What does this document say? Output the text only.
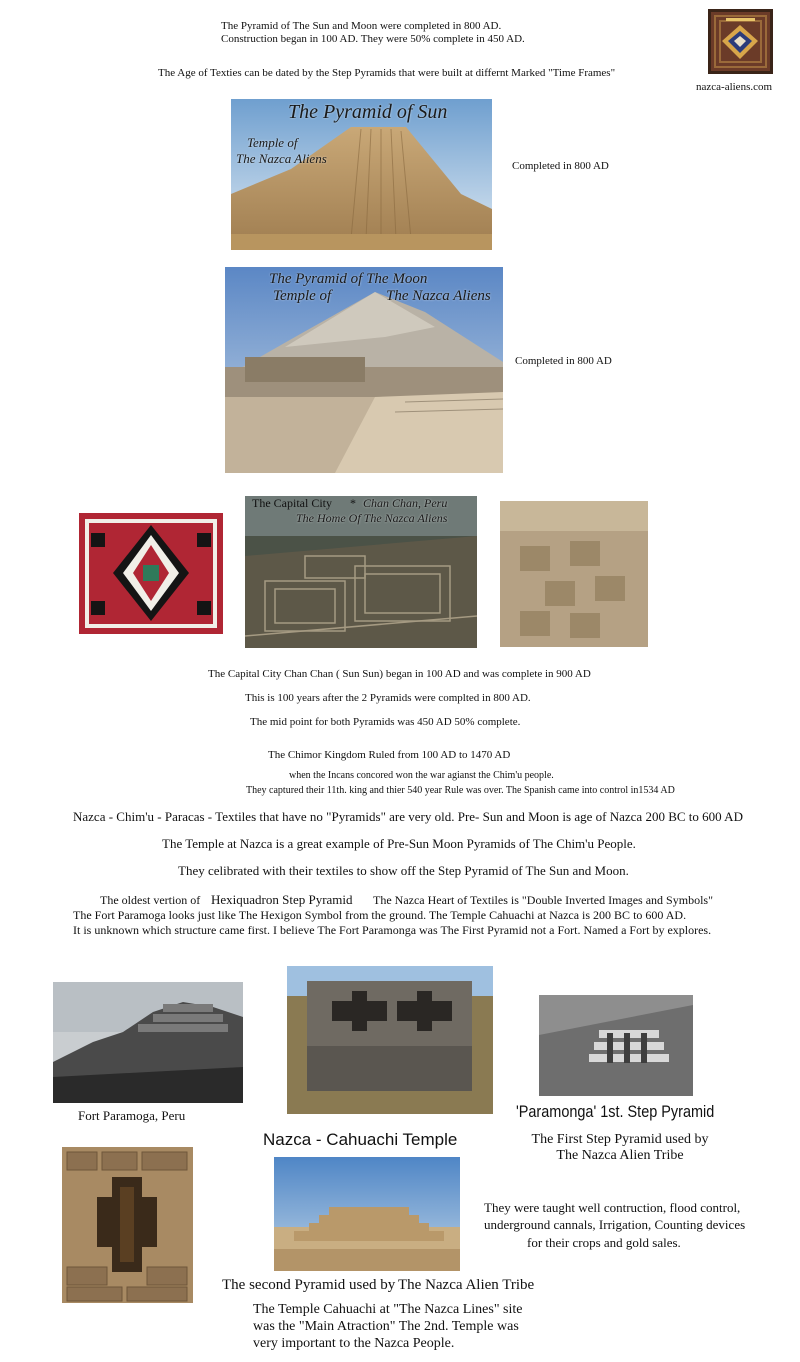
The Pyramid of The Sun and Moon were completed in 800 AD.
Construction began in 100 AD. They were 50% complete in 450 AD.
The Age of Texties can be dated by the Step Pyramids that were built at differnt Marked "Time Frames"
nazca-aliens.com
The Pyramid of Sun
Temple of
The Nazca Aliens	Completed in 800 AD
The Pyramid of The Moon
Temple of	The Nazca Aliens
Completed in 800 AD
The Capital City * Chan Chan, Peru
The Home Of The Nazca Aliens
The Capital City Chan Chan ( Sun Sun) began in 100 AD and was complete in 900 AD
This is 100 years after the 2 Pyramids were complted in 800 AD.
The mid point for both Pyramids was 450 AD 50% complete.
The Chimor Kingdom Ruled from 100 AD to 1470 AD
when the Incans concored won the war agianst the Chim'u people.
They captured their 11th. king and thier 540 year Rule was over. The Spanish came into control in1534 AD
Nazca - Chim'u - Paracas - Textiles that have no "Pyramids" are very old. Pre- Sun and Moon is age of Nazca 200 BC to 600 AD
The Temple at Nazca is a great example of Pre-Sun Moon Pyramids of The Chim'u People.
They celibrated with their textiles to show off the Step Pyramid of The Sun and Moon.
The oldest vertion of Hexiquadron Step Pyramid The Nazca Heart of Textiles is "Double Inverted Images and Symbols"
The Fort Paramoga looks just like The Hexigon Symbol from the ground. The Temple Cahuachi at Nazca is 200 BC to 600 AD.
It is unknown which structure came first. I believe The Fort Paramonga was The First Pyramid not a Fort. Named a Fort by explores.
Fort Paramoga, Peru
Nazca - Cahuachi Temple
'Paramonga' 1st. Step Pyramid
The First Step Pyramid used by
The Nazca Alien Tribe
They were taught well contruction, flood control,
underground cannals, Irrigation, Counting devices
for their crops and gold sales.
The second Pyramid used by The Nazca Alien Tribe
The Temple Cahuachi at "The Nazca Lines" site
was the "Main Atraction" The 2nd. Temple was
very important to the Nazca People.
